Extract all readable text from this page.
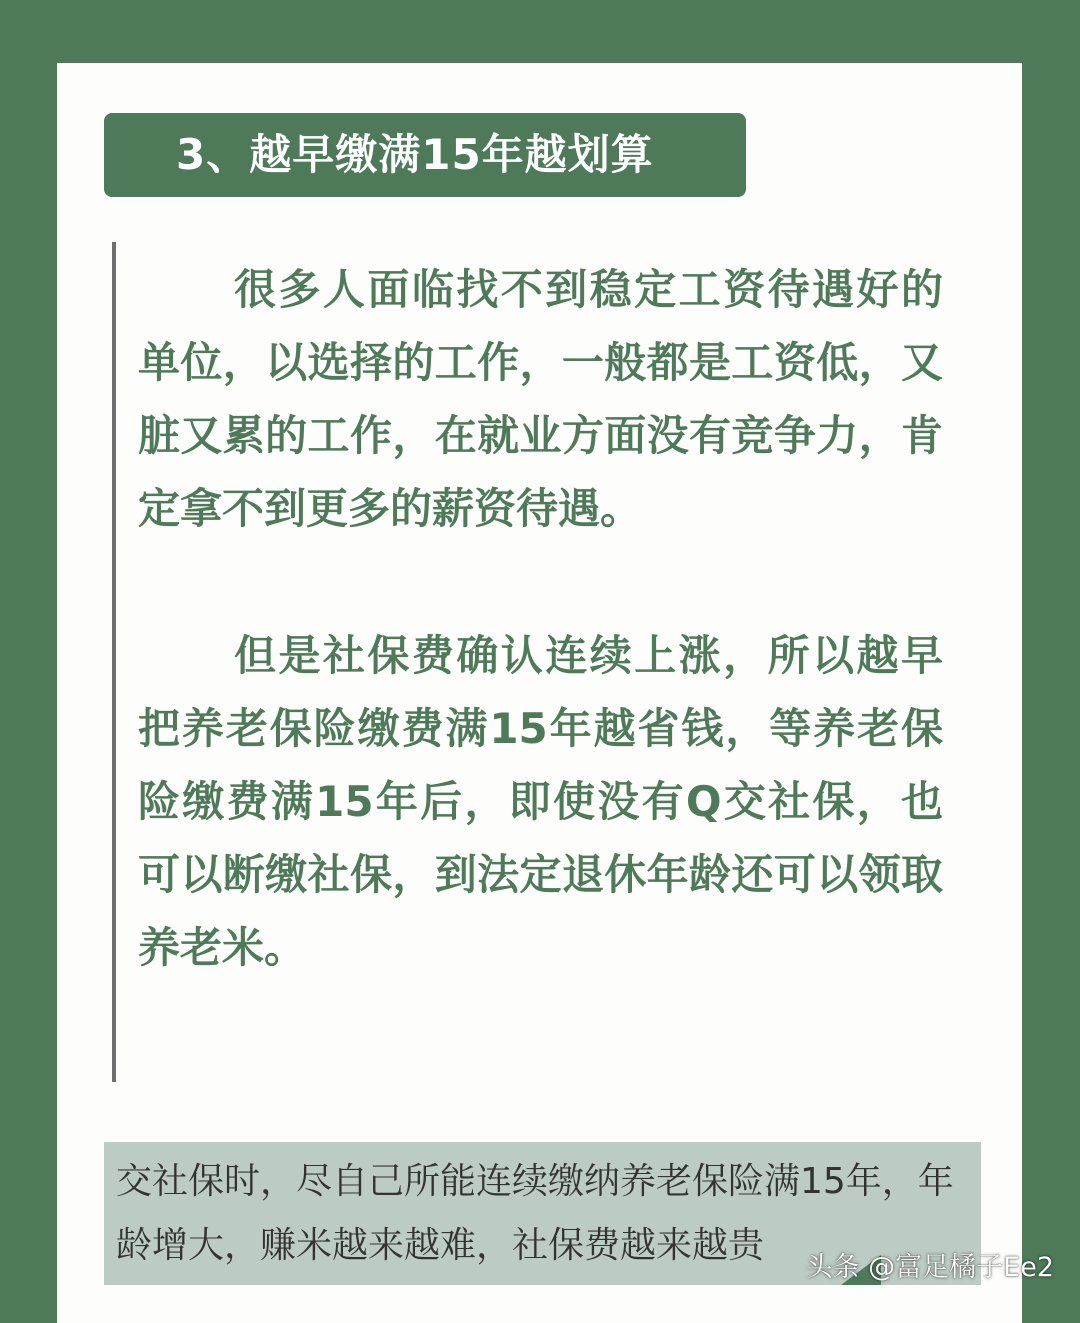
3、越早缴满15年越划算

很多人面临找不到稳定工资待遇好的单位，以选择的工作，一般都是工资低，又脏又累的工作，在就业方面没有竞争力，肯定拿不到更多的薪资待遇。

但是社保费确认连续上涨，所以越早把养老保险缴费满15年越省钱，等养老保险缴费满15年后，即使没有Q交社保，也可以断缴社保，到法定退休年龄还可以领取养老米。

交社保时，尽自己所能连续缴纳养老保险满15年，年龄增大，赚米越来越难，社保费越来越贵

头条 @富足橘子Ee2
